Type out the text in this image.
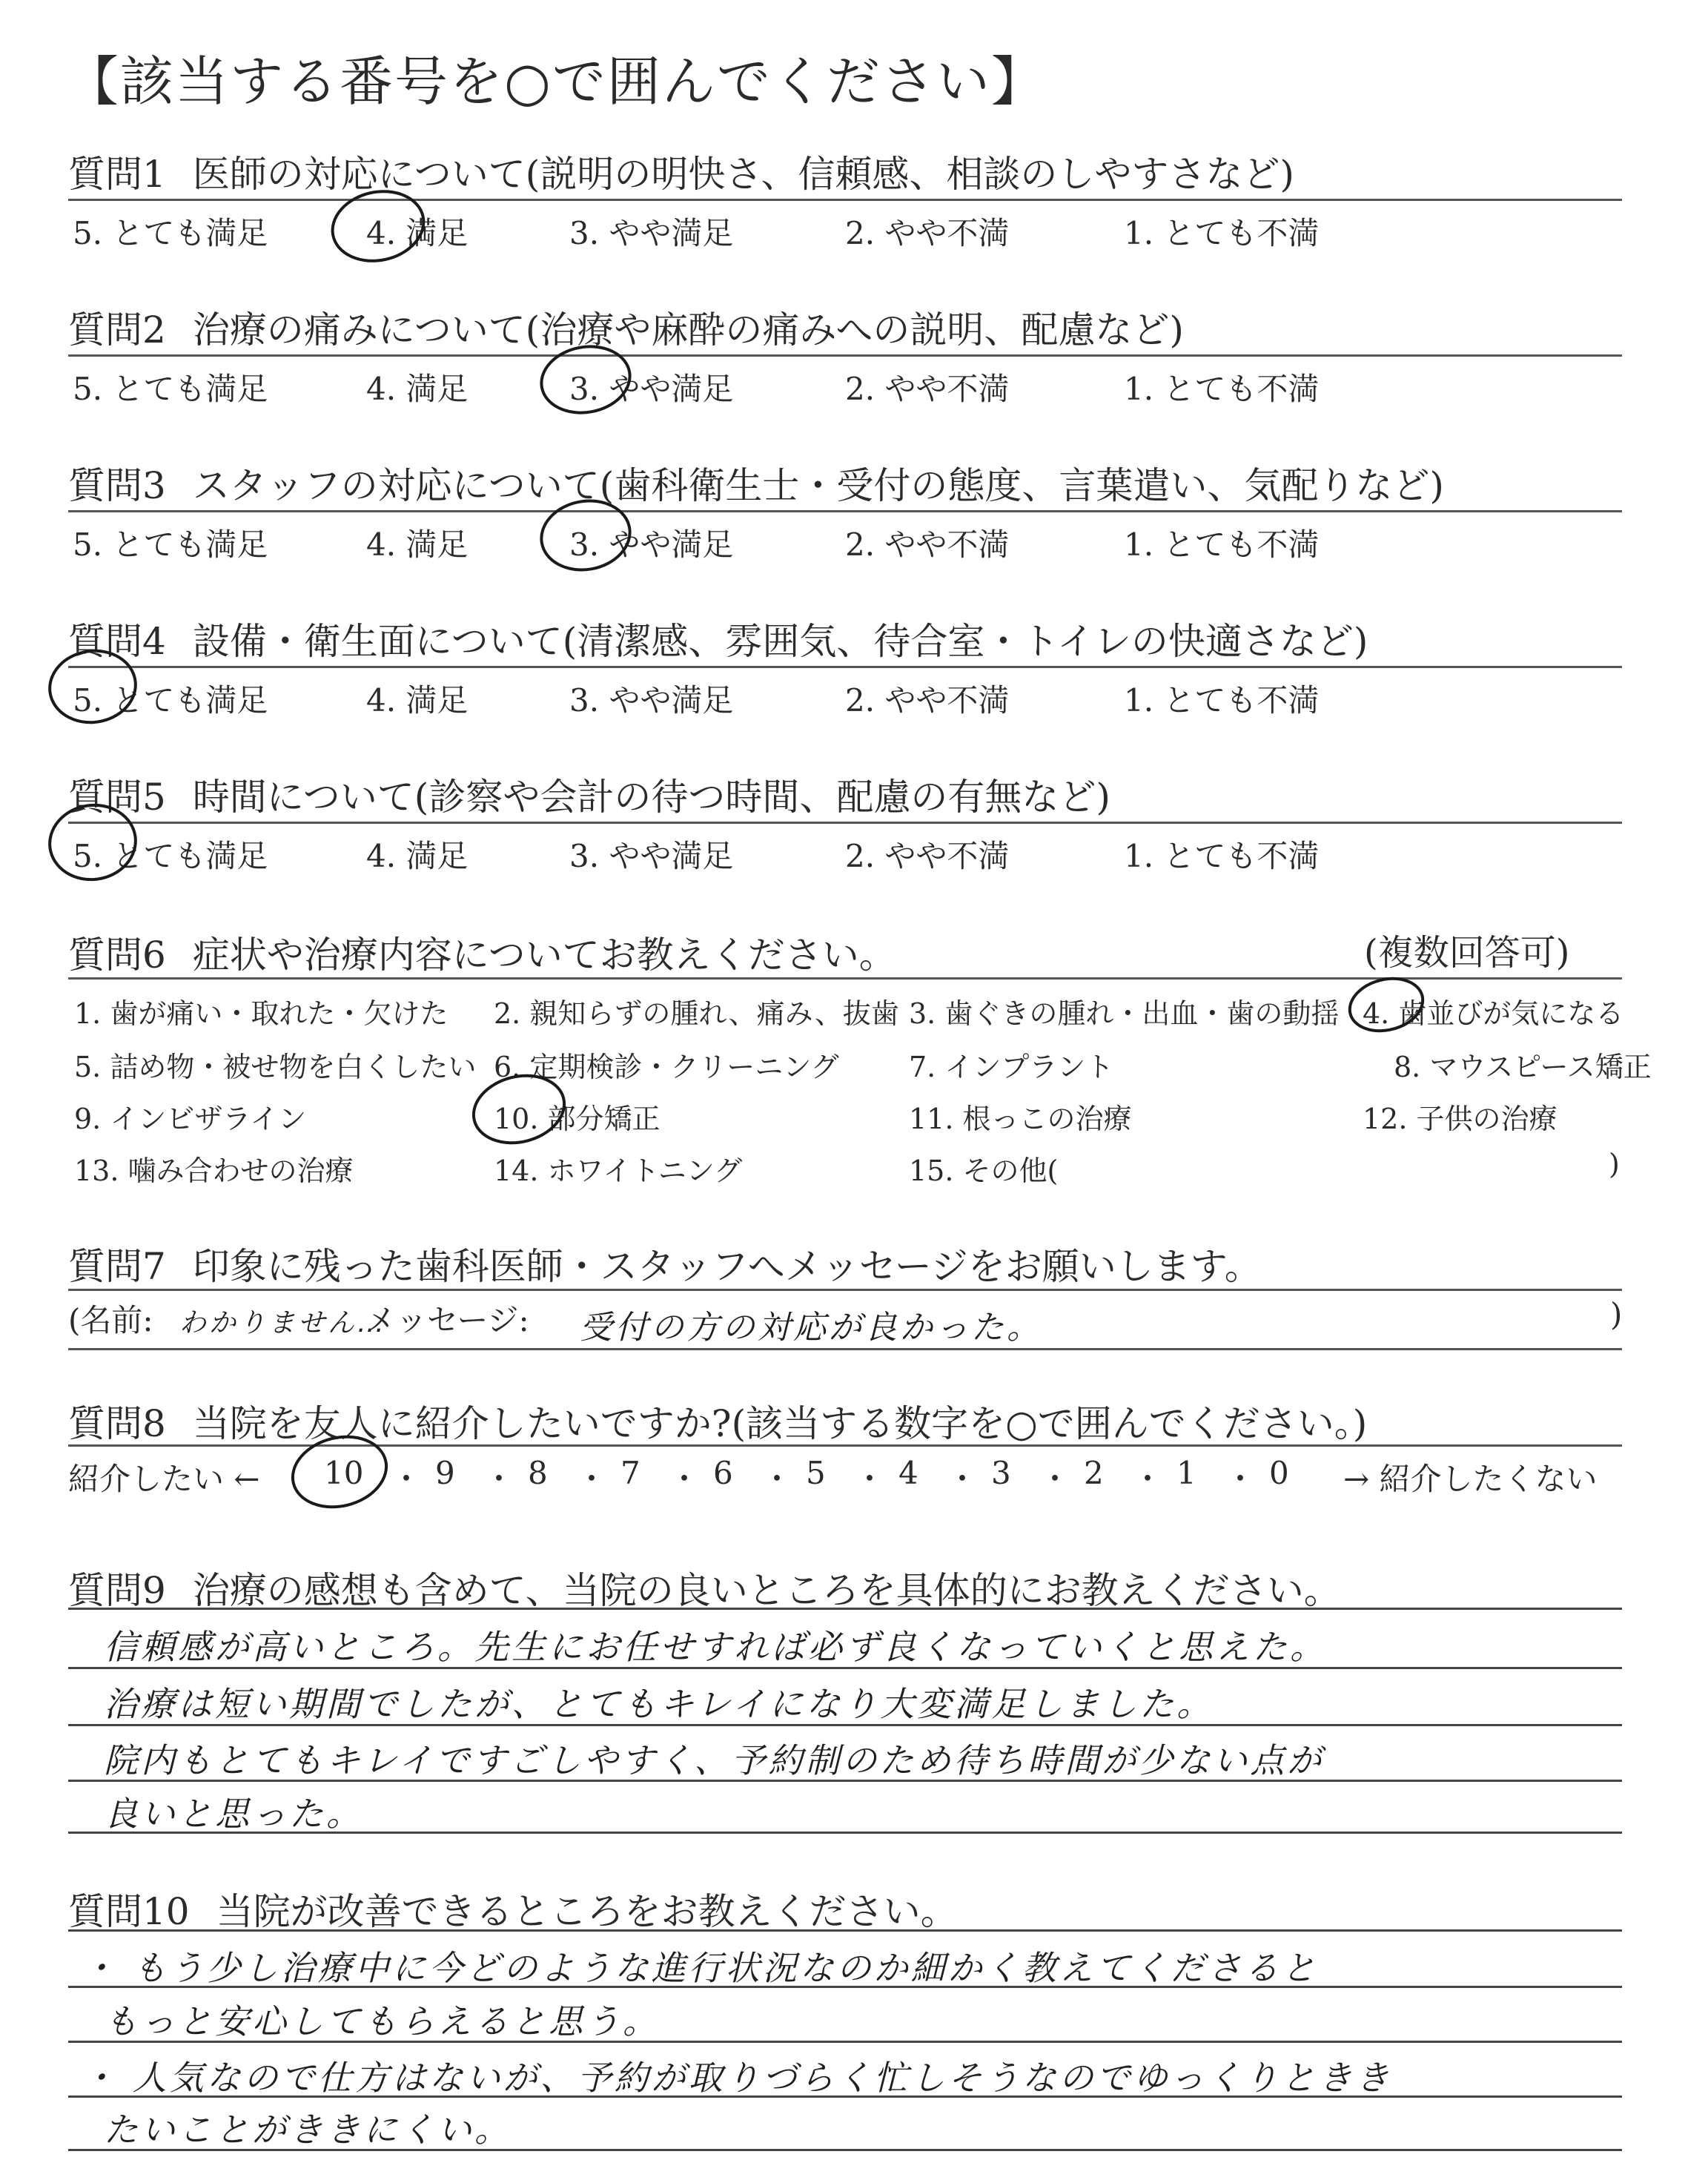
【該当する番号を○で囲んでください】
質問1 医師の対応について(説明の明快さ、信頼感、相談のしやすさなど)
5. とても満足	4. 満足	3. やや満足	2. やや不満	1. とても不満
質問2 治療の痛みについて(治療や麻酔の痛みへの説明、配慮など)
5. とても満足	4. 満足	3. やや満足	2. やや不満	1. とても不満
質問3 スタッフの対応について(歯科衛生士・受付の態度、言葉遣い、気配りなど)
5. とても満足	4. 満足	3. やや満足	2. やや不満	1. とても不満
質問4 設備・衛生面について(清潔感、雰囲気、待合室・トイレの快適さなど)
5. とても満足	4. 満足	3. やや満足	2. やや不満	1. とても不満
質問5 時間について(診察や会計の待つ時間、配慮の有無など)
5. とても満足	4. 満足	3. やや満足	2. やや不満	1. とても不満
質問6 症状や治療内容についてお教えください。	(複数回答可)
1. 歯が痛い・取れた・欠けた 2. 親知らずの腫れ、痛み、抜歯 3. 歯ぐきの腫れ・出血・歯の動揺 4. 歯並びが気になる
5. 詰め物・被せ物を白くしたい 6. 定期検診・クリーニング 7. インプラント	8. マウスピース矯正
9. インビザライン	10. 部分矯正	11. 根っこの治療	12. 子供の治療
13. 噛み合わせの治療	14. ホワイトニング	15. その他(	)
質問7 印象に残った歯科医師・スタッフへメッセージをお願いします。
(名前: わかりません…
メッセージ: 受付の方の対応が良かった。	)
質問8 当院を友人に紹介したいですか?(該当する数字を○で囲んでください。)
紹介したい ← 10 ・ 9 ・ 8 ・ 7 ・ 6 ・ 5 ・ 4 ・ 3 ・ 2 ・ 1 ・ 0 → 紹介したくない
質問9 治療の感想も含めて、当院の良いところを具体的にお教えください。
信頼感が高いところ。先生にお任せすれば必ず良くなっていくと思えた。
治療は短い期間でしたが、とてもキレイになり大変満足しました。
院内もとてもキレイですごしやすく、予約制のため待ち時間が少ない点が
良いと思った。
質問10 当院が改善できるところをお教えください。
・ もう少し治療中に今どのような進行状況なのか細かく教えてくださると
もっと安心してもらえると思う。
・ 人気なので仕方はないが、予約が取りづらく忙しそうなのでゆっくりときき
たいことがききにくい。
